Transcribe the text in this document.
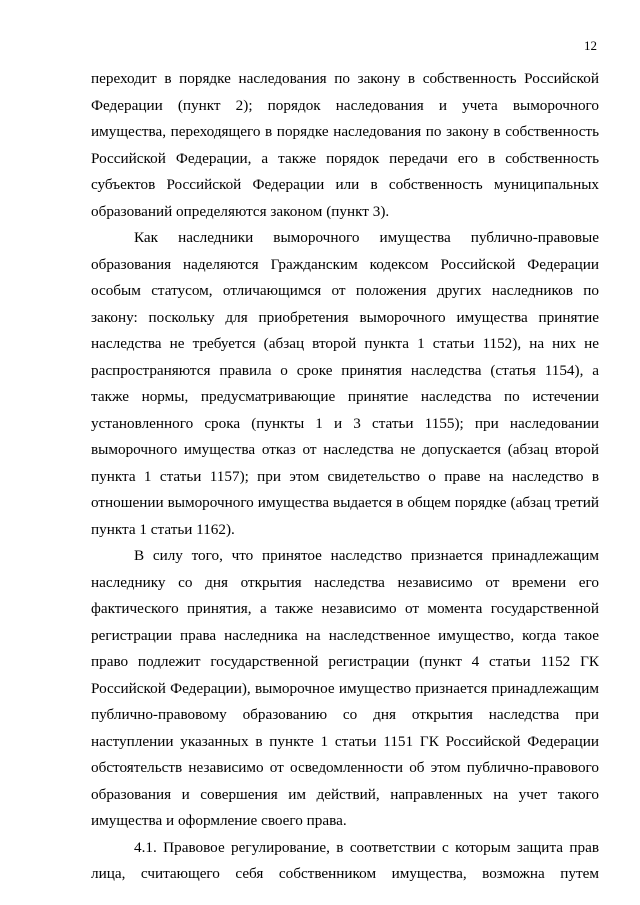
12
переходит в порядке наследования по закону в собственность Российской
Федерации (пункт 2); порядок наследования и учета выморочного
имущества, переходящего в порядке наследования по закону в собственность
Российской Федерации, а также порядок передачи его в собственность
субъектов Российской Федерации или в собственность муниципальных
образований определяются законом (пункт 3).
Как наследники выморочного имущества публично-правовые
образования наделяются Гражданским кодексом Российской Федерации
особым статусом, отличающимся от положения других наследников по
закону: поскольку для приобретения выморочного имущества принятие
наследства не требуется (абзац второй пункта 1 статьи 1152), на них не
распространяются правила о сроке принятия наследства (статья 1154), а
также нормы, предусматривающие принятие наследства по истечении
установленного срока (пункты 1 и 3 статьи 1155); при наследовании
выморочного имущества отказ от наследства не допускается (абзац второй
пункта 1 статьи 1157); при этом свидетельство о праве на наследство в
отношении выморочного имущества выдается в общем порядке (абзац третий
пункта 1 статьи 1162).
В силу того, что принятое наследство признается принадлежащим
наследнику со дня открытия наследства независимо от времени его
фактического принятия, а также независимо от момента государственной
регистрации права наследника на наследственное имущество, когда такое
право подлежит государственной регистрации (пункт 4 статьи 1152 ГК
Российской Федерации), выморочное имущество признается принадлежащим
публично-правовому образованию со дня открытия наследства при
наступлении указанных в пункте 1 статьи 1151 ГК Российской Федерации
обстоятельств независимо от осведомленности об этом публично-правового
образования и совершения им действий, направленных на учет такого
имущества и оформление своего права.
4.1. Правовое регулирование, в соответствии с которым защита прав
лица, считающего себя собственником имущества, возможна путем
